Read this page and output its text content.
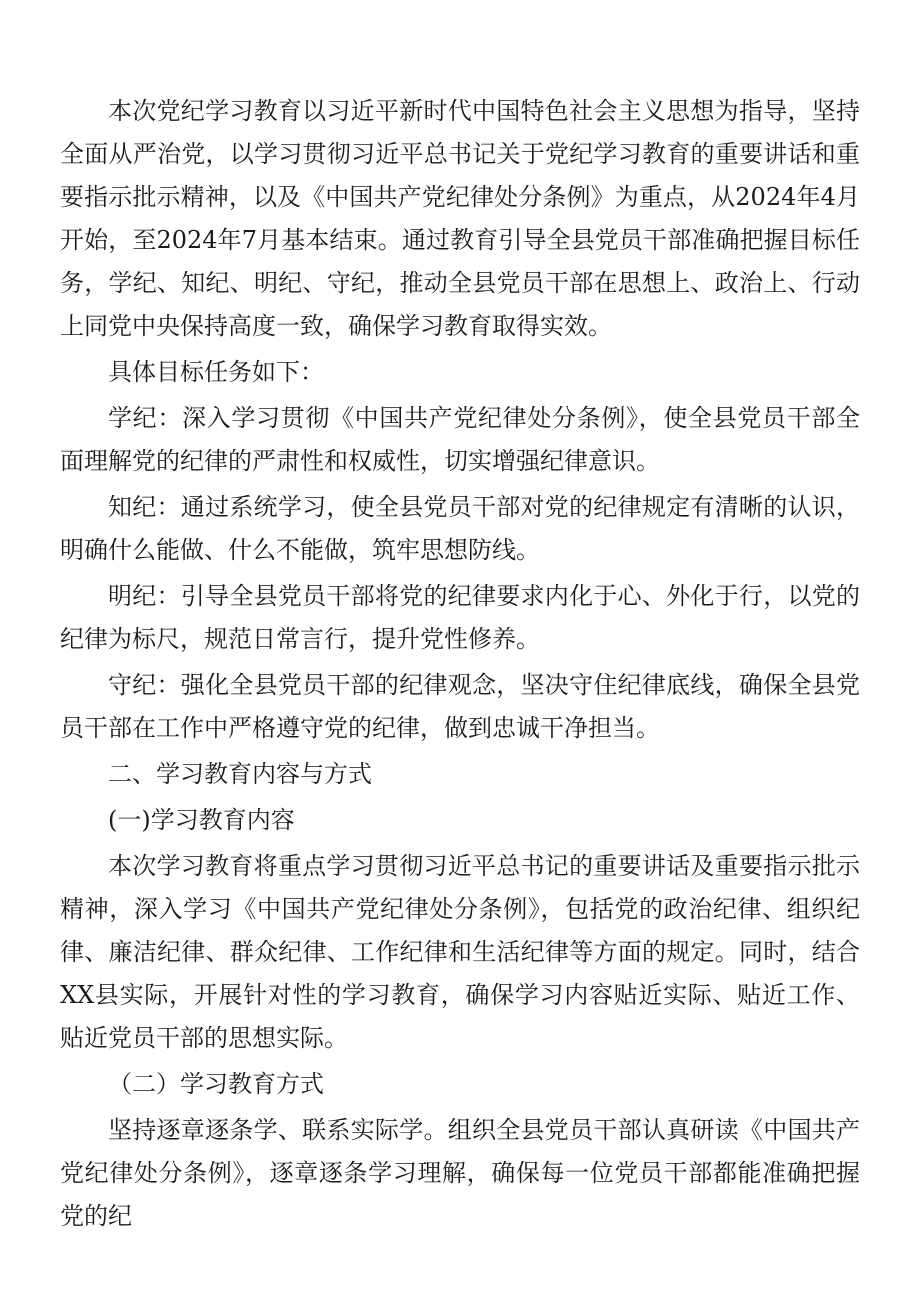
本次党纪学习教育以习近平新时代中国特色社会主义思想为指导，坚持全面从严治党，以学习贯彻习近平总书记关于党纪学习教育的重要讲话和重要指示批示精神，以及《中国共产党纪律处分条例》为重点，从2024年4月开始，至2024年7月基本结束。通过教育引导全县党员干部准确把握目标任务，学纪、知纪、明纪、守纪，推动全县党员干部在思想上、政治上、行动上同党中央保持高度一致，确保学习教育取得实效。

具体目标任务如下：

学纪：深入学习贯彻《中国共产党纪律处分条例》，使全县党员干部全面理解党的纪律的严肃性和权威性，切实增强纪律意识。

知纪：通过系统学习，使全县党员干部对党的纪律规定有清晰的认识，明确什么能做、什么不能做，筑牢思想防线。

明纪：引导全县党员干部将党的纪律要求内化于心、外化于行，以党的纪律为标尺，规范日常言行，提升党性修养。

守纪：强化全县党员干部的纪律观念，坚决守住纪律底线，确保全县党员干部在工作中严格遵守党的纪律，做到忠诚干净担当。

二、学习教育内容与方式

(一)学习教育内容

本次学习教育将重点学习贯彻习近平总书记的重要讲话及重要指示批示精神，深入学习《中国共产党纪律处分条例》，包括党的政治纪律、组织纪律、廉洁纪律、群众纪律、工作纪律和生活纪律等方面的规定。同时，结合XX县实际，开展针对性的学习教育，确保学习内容贴近实际、贴近工作、贴近党员干部的思想实际。

（二）学习教育方式

坚持逐章逐条学、联系实际学。组织全县党员干部认真研读《中国共产党纪律处分条例》，逐章逐条学习理解，确保每一位党员干部都能准确把握党的纪
